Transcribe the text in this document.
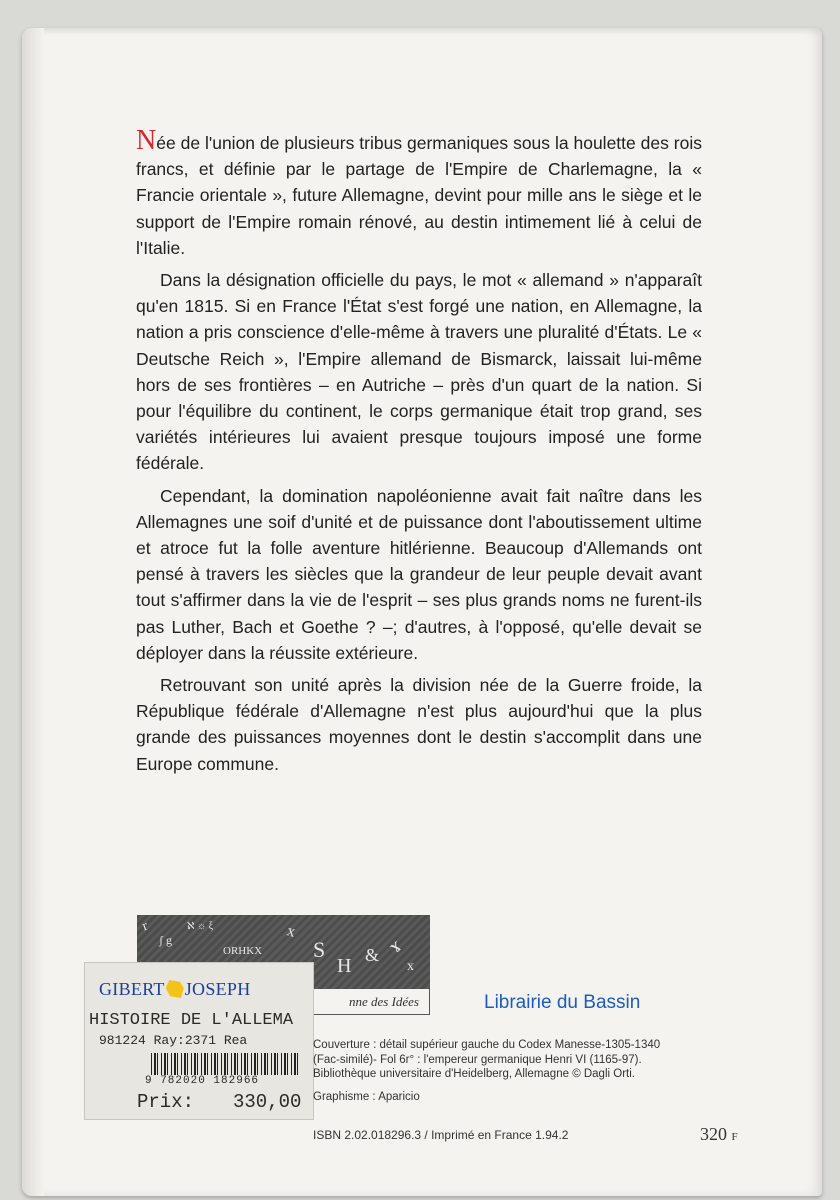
Née de l'union de plusieurs tribus germaniques sous la houlette des rois francs, et définie par le partage de l'Empire de Charlemagne, la « Francie orientale », future Allemagne, devint pour mille ans le siège et le support de l'Empire romain rénové, au destin intimement lié à celui de l'Italie.

Dans la désignation officielle du pays, le mot « allemand » n'apparaît qu'en 1815. Si en France l'État s'est forgé une nation, en Allemagne, la nation a pris conscience d'elle-même à travers une pluralité d'États. Le « Deutsche Reich », l'Empire allemand de Bismarck, laissait lui-même hors de ses frontières – en Autriche – près d'un quart de la nation. Si pour l'équilibre du continent, le corps germanique était trop grand, ses variétés intérieures lui avaient presque toujours imposé une forme fédérale.

Cependant, la domination napoléonienne avait fait naître dans les Allemagnes une soif d'unité et de puissance dont l'aboutissement ultime et atroce fut la folle aventure hitlérienne. Beaucoup d'Allemands ont pensé à travers les siècles que la grandeur de leur peuple devait avant tout s'affirmer dans la vie de l'esprit – ses plus grands noms ne furent-ils pas Luther, Bach et Goethe ? –; d'autres, à l'opposé, qu'elle devait se déployer dans la réussite extérieure.

Retrouvant son unité après la division née de la Guerre froide, la République fédérale d'Allemagne n'est plus aujourd'hui que la plus grande des puissances moyennes dont le destin s'accomplit dans une Europe commune.

r
ʃ g
ℵ ☼ ξ
ORHKX
x
S
H & ɤ
x
nne des Idées
GIBERT JOSEPH
HISTOIRE DE L'ALLEMA
981224 Ray:2371 Rea
9 782020 182966
Prix: 330,00
Librairie du Bassin
Couverture : détail supérieur gauche du Codex Manesse-1305-1340
(Fac-similé)- Fol 6r° : l'empereur germanique Henri VI (1165-97).
Bibliothèque universitaire d'Heidelberg, Allemagne © Dagli Orti.
Graphisme : Aparicio
ISBN 2.02.018296.3 / Imprimé en France 1.94.2	320 F
